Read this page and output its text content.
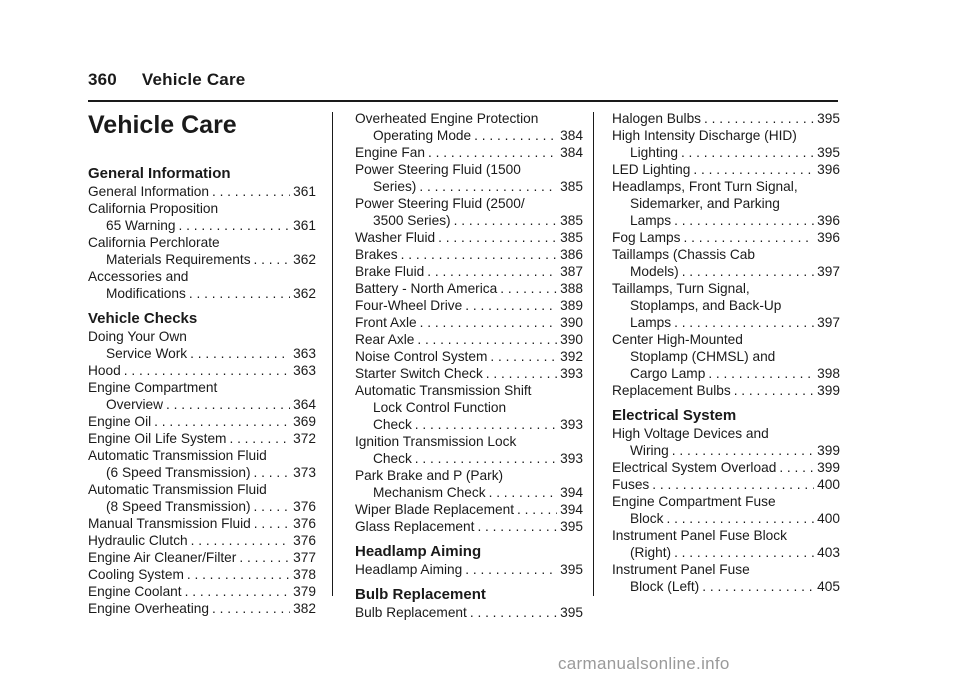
360 Vehicle Care
Vehicle Care
General Information
General Information . . .	361
California Proposition
65 Warning . . .	361
California Perchlorate
Materials Requirements . . .	362
Accessories and
Modifications . . .	362
Vehicle Checks
Doing Your Own
Service Work . . .	363
Hood . . .	363
Engine Compartment
Overview . . .	364
Engine Oil . . .	369
Engine Oil Life System . . .	372
Automatic Transmission Fluid
(6 Speed Transmission) . . .	373
Automatic Transmission Fluid
(8 Speed Transmission) . . .	376
Manual Transmission Fluid . . .	376
Hydraulic Clutch . . .	376
Engine Air Cleaner/Filter . . .	377
Cooling System . . .	378
Engine Coolant . . .	379
Engine Overheating . . .	382
Overheated Engine Protection
Operating Mode . . .	384
Engine Fan . . .	384
Power Steering Fluid (1500
Series) . . .	385
Power Steering Fluid (2500/
3500 Series) . . .	385
Washer Fluid . . .	385
Brakes . . .	386
Brake Fluid . . .	387
Battery - North America . . .	388
Four-Wheel Drive . . .	389
Front Axle . . .	390
Rear Axle . . .	390
Noise Control System . . .	392
Starter Switch Check . . .	393
Automatic Transmission Shift
Lock Control Function
Check . . .	393
Ignition Transmission Lock
Check . . .	393
Park Brake and P (Park)
Mechanism Check . . .	394
Wiper Blade Replacement . . .	394
Glass Replacement . . .	395
Headlamp Aiming
Headlamp Aiming . . .	395
Bulb Replacement
Bulb Replacement . . .	395
Halogen Bulbs . . .	395
High Intensity Discharge (HID)
Lighting . . .	395
LED Lighting . . .	396
Headlamps, Front Turn Signal,
Sidemarker, and Parking
Lamps . . .	396
Fog Lamps . . .	396
Taillamps (Chassis Cab
Models) . . .	397
Taillamps, Turn Signal,
Stoplamps, and Back-Up
Lamps . . .	397
Center High-Mounted
Stoplamp (CHMSL) and
Cargo Lamp . . .	398
Replacement Bulbs . . .	399
Electrical System
High Voltage Devices and
Wiring . . .	399
Electrical System Overload . . .	399
Fuses . . .	400
Engine Compartment Fuse
Block . . .	400
Instrument Panel Fuse Block
(Right) . . .	403
Instrument Panel Fuse
Block (Left) . . .	405
carmanualsonline.info
